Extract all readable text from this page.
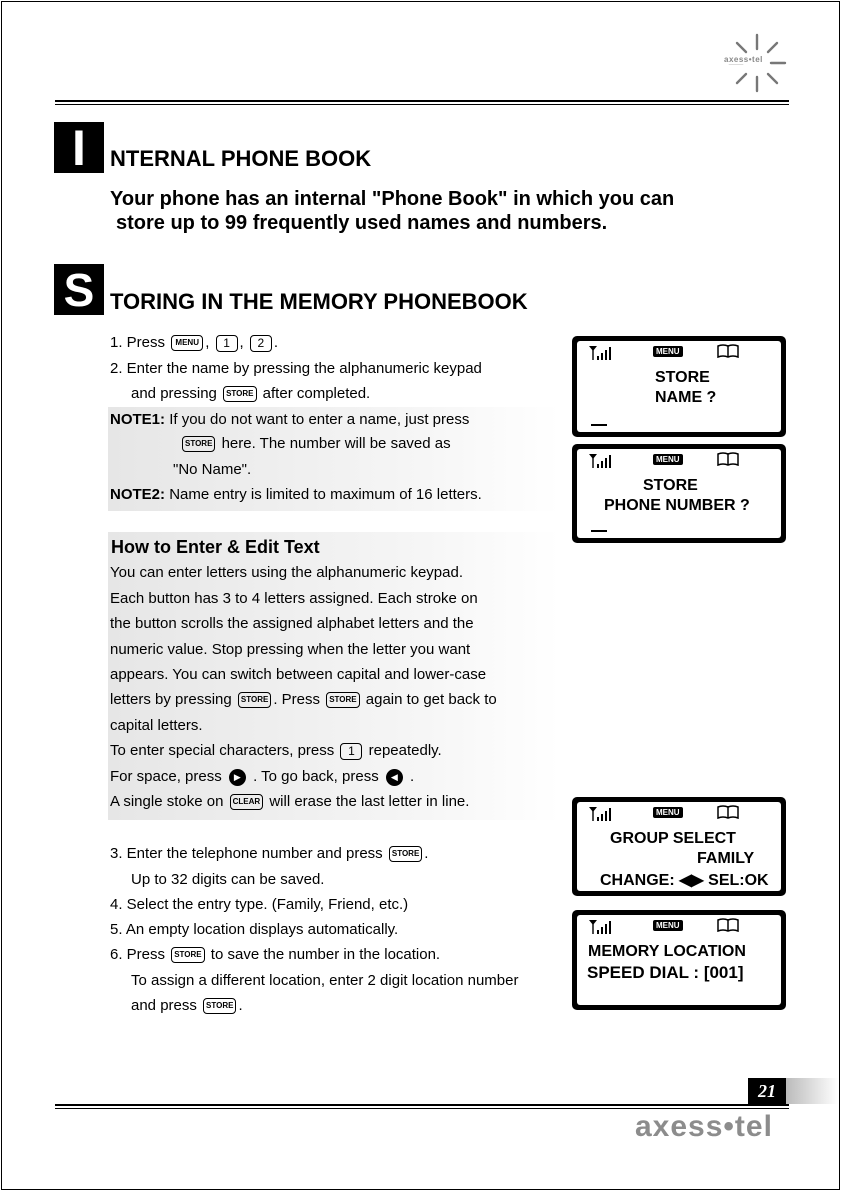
axess•tel
I	NTERNAL PHONE BOOK
Your phone has an internal "Phone Book" in which you can
store up to 99 frequently used names and numbers.
S TORING IN THE MEMORY PHONEBOOK
1. Press MENU , 1 , 2 .
2. Enter the name by pressing the alphanumeric keypad
and pressing STORE after completed.
NOTE1: If you do not want to enter a name, just press
STORE here. The number will be saved as
"No Name".
NOTE2: Name entry is limited to maximum of 16 letters.
How to Enter & Edit Text
You can enter letters using the alphanumeric keypad.
Each button has 3 to 4 letters assigned. Each stroke on
the button scrolls the assigned alphabet letters and the
numeric value. Stop pressing when the letter you want
appears. You can switch between capital and lower-case
letters by pressing STORE . Press STORE again to get back to
capital letters.
To enter special characters, press 1 repeatedly.
For space, press ▶ . To go back, press ◀ .
A single stoke on CLEAR will erase the last letter in line.
3. Enter the telephone number and press STORE .
Up to 32 digits can be saved.
4. Select the entry type. (Family, Friend, etc.)
5. An empty location displays automatically.
6. Press STORE to save the number in the location.
To assign a different location, enter 2 digit location number
and press STORE .
MENU
STORE
NAME ?
MENU
STORE
PHONE NUMBER ?
MENU
GROUP SELECT
FAMILY
CHANGE: ◀▶ SEL:OK
MENU
MEMORY LOCATION
SPEED DIAL : [001]
21
axess•tel
